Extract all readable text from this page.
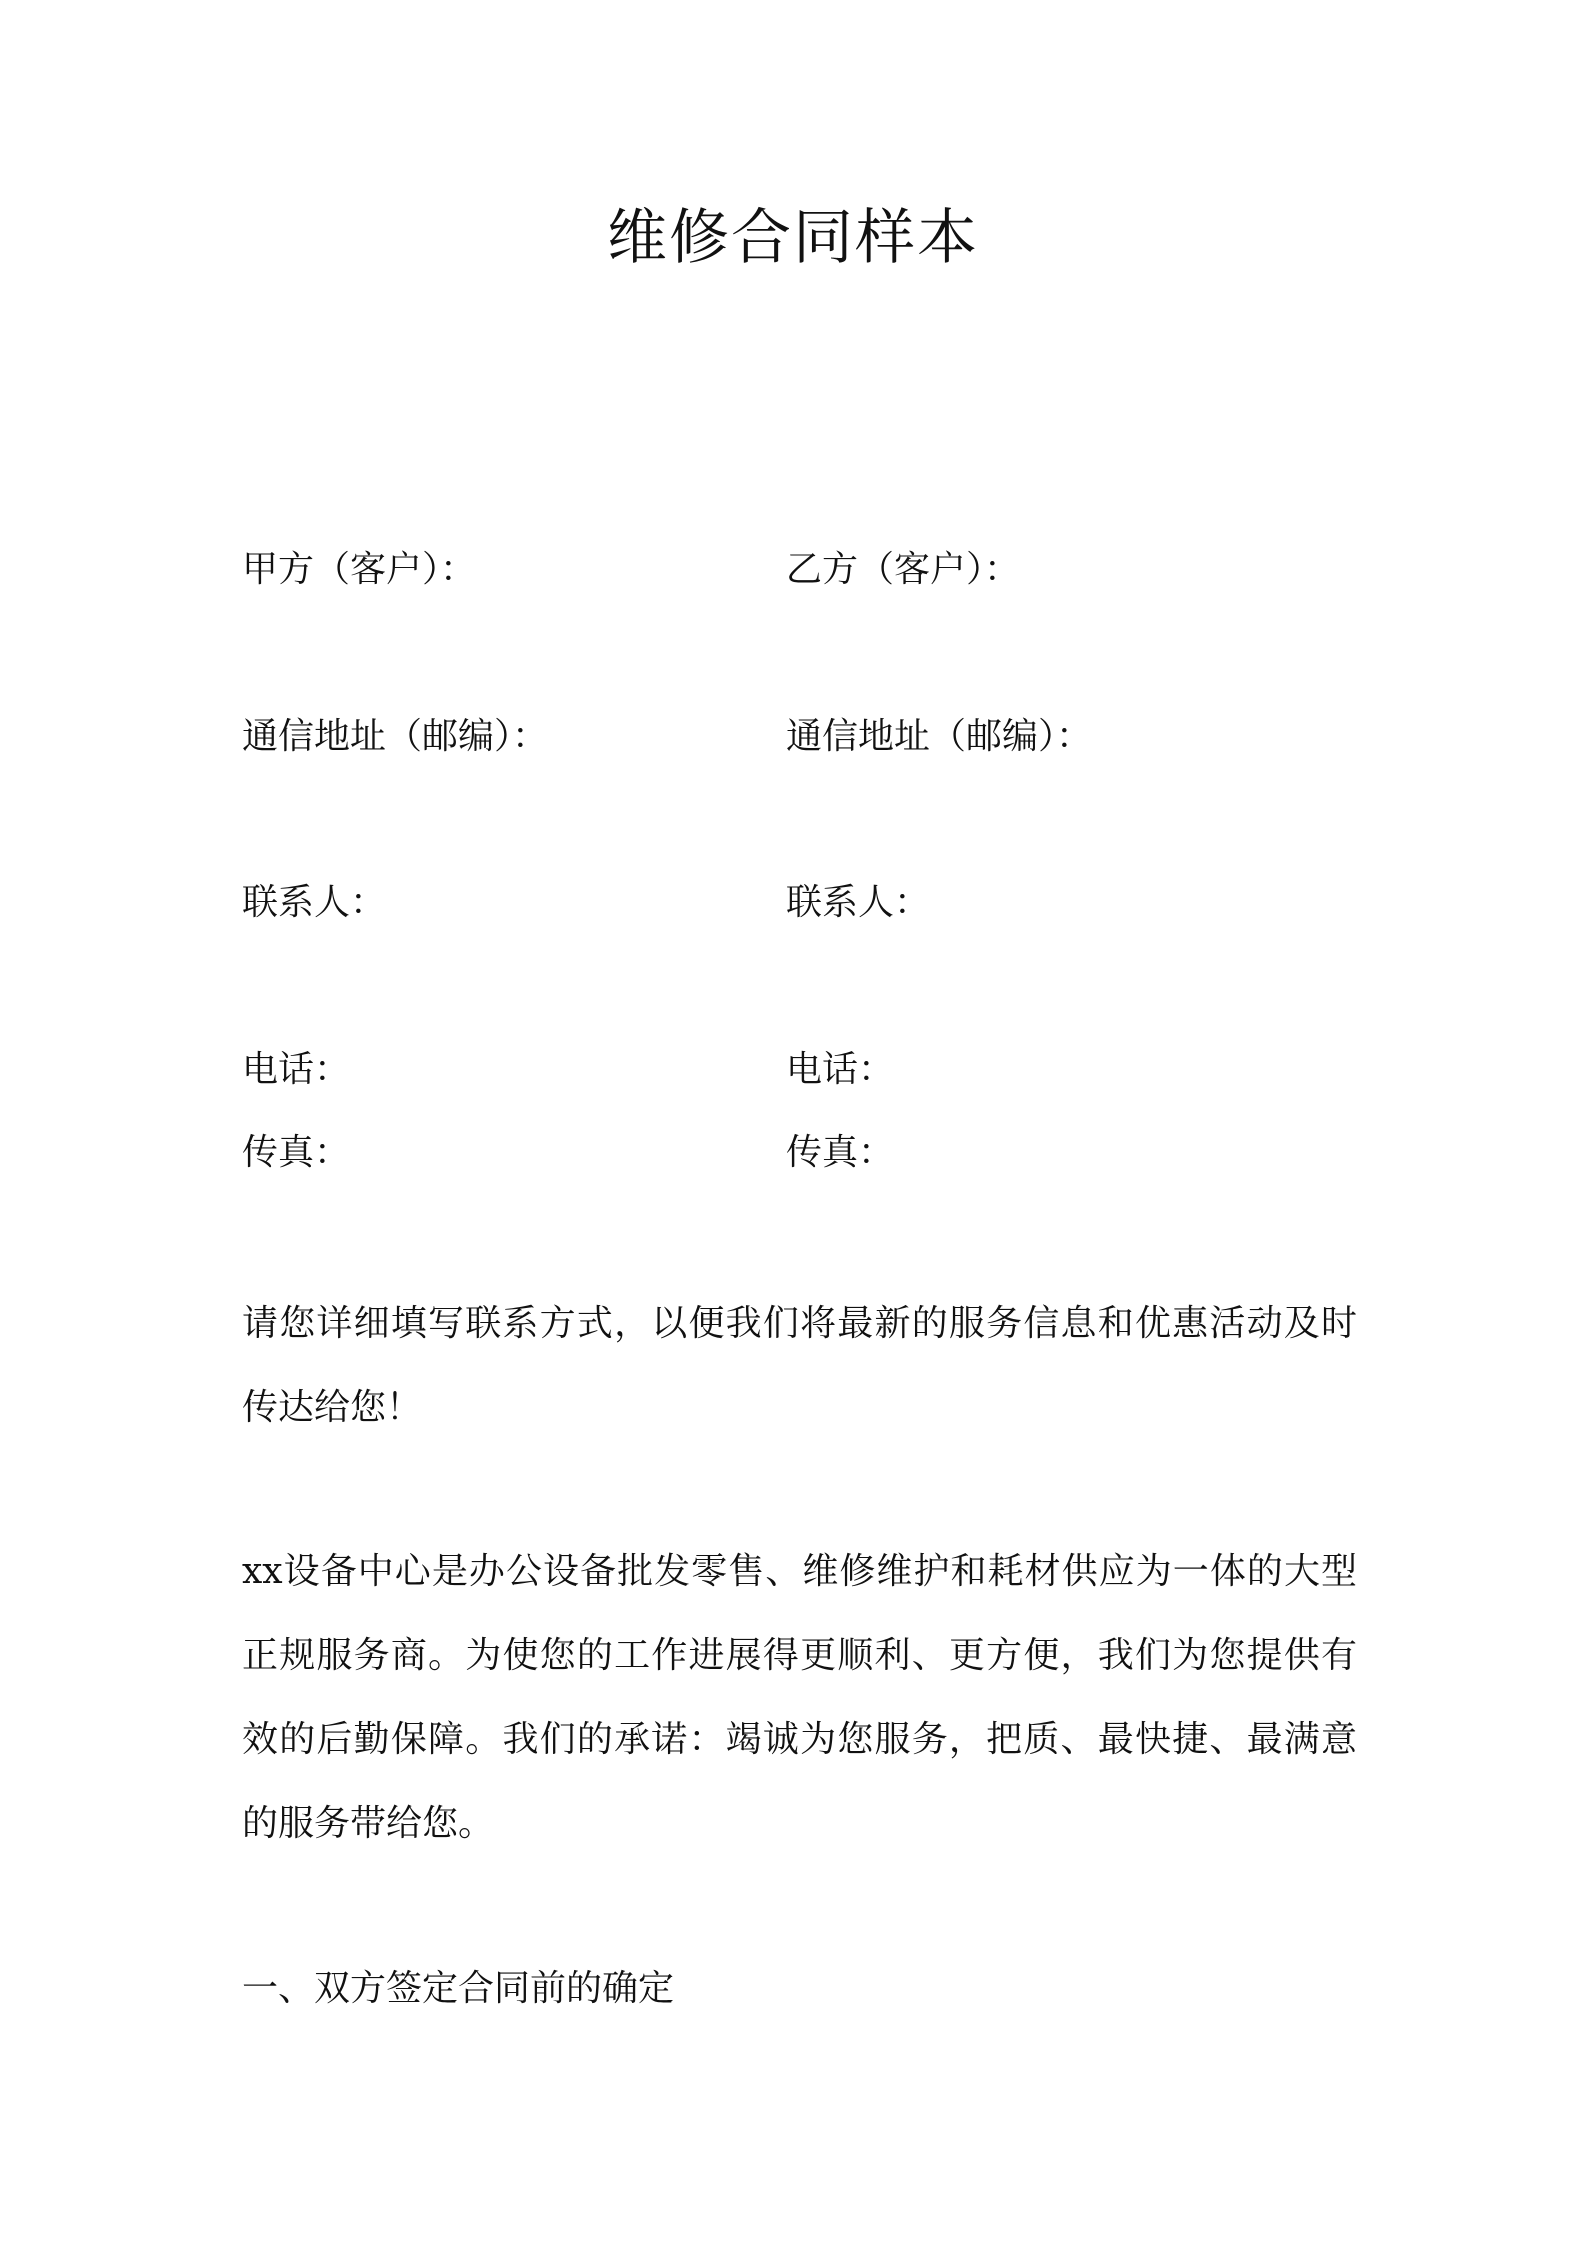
维修合同样本
甲方（客户）：	乙方（客户）：
通信地址（邮编）：	通信地址（邮编）：
联系人：	联系人：
电话：	电话：
传真：	传真：
请您详细填写联系方式，以便我们将最新的服务信息和优惠活动及时传达给您！
xx设备中心是办公设备批发零售、维修维护和耗材供应为一体的大型正规服务商。为使您的工作进展得更顺利、更方便，我们为您提供有效的后勤保障。我们的承诺：竭诚为您服务，把质、最快捷、最满意的服务带给您。
一、双方签定合同前的确定
